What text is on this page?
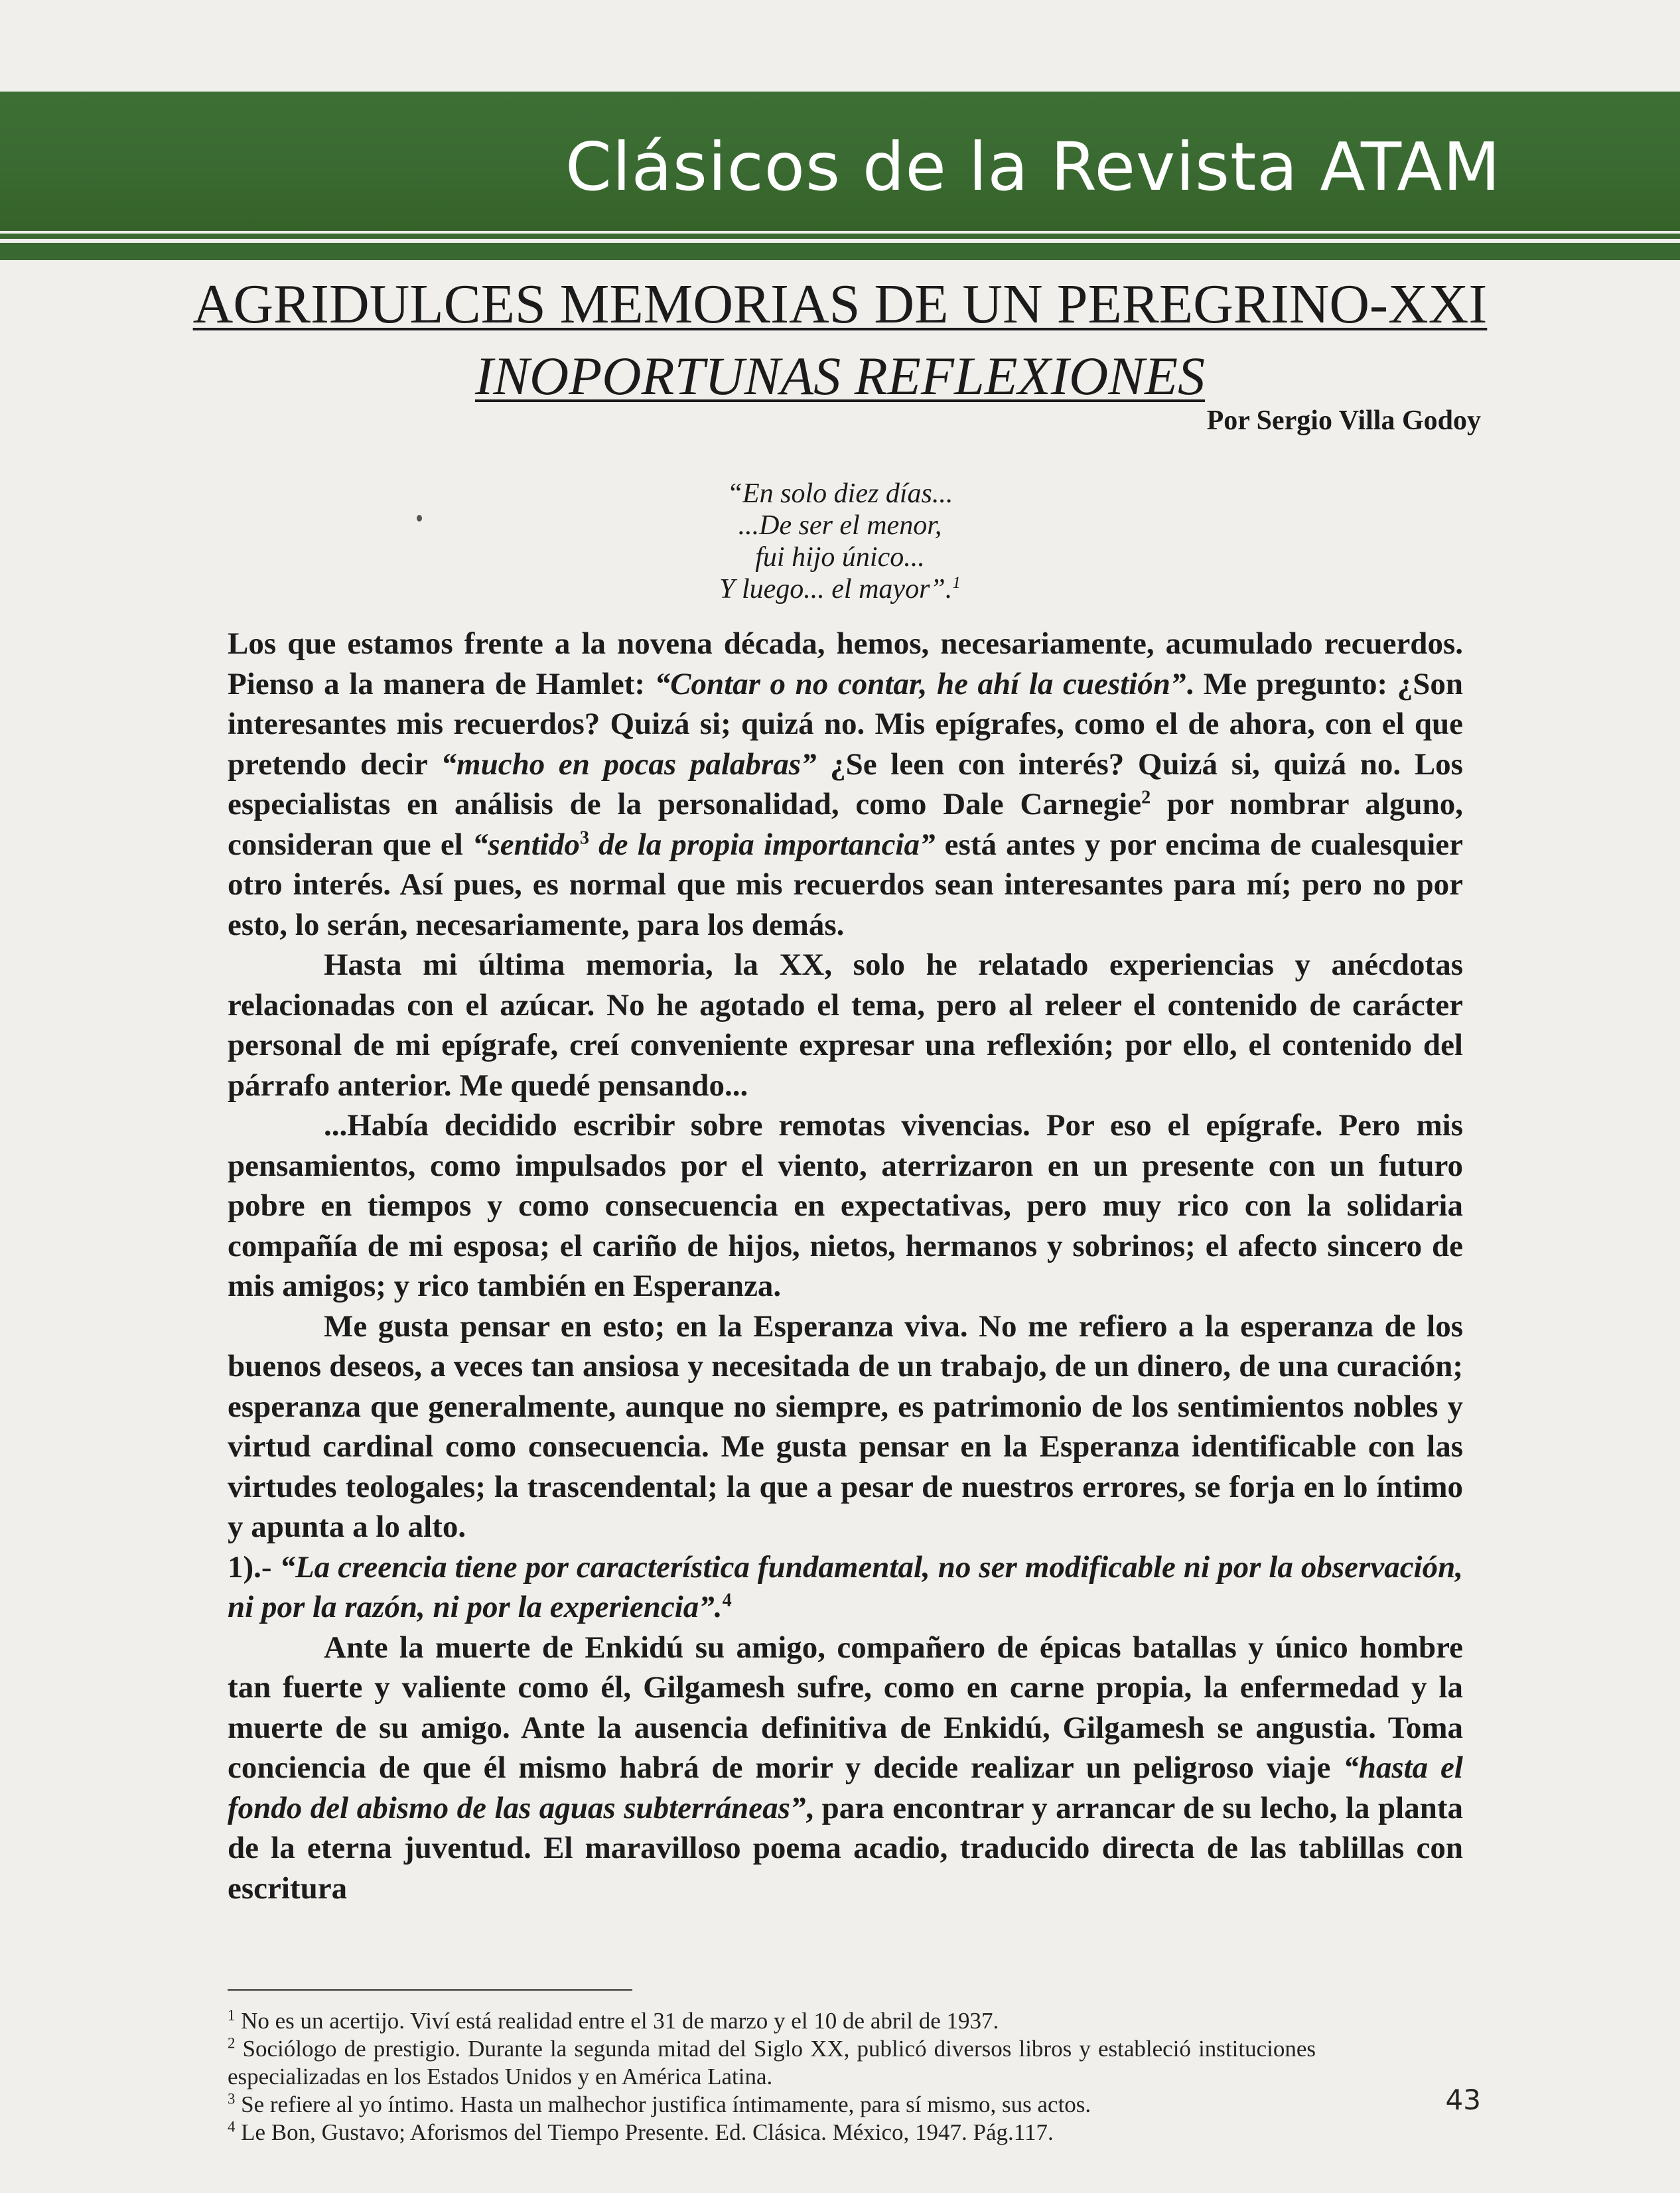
Clásicos de la Revista ATAM
AGRIDULCES MEMORIAS DE UN PEREGRINO-XXI
INOPORTUNAS REFLEXIONES
Por Sergio Villa Godoy
“En solo diez días...
...De ser el menor,
fui hijo único...
Y luego... el mayor”.$^1$

Los que estamos frente a la novena década, hemos, necesariamente, acumulado recuerdos. Pienso a la manera de Hamlet: “Contar o no contar, he ahí la cuestión”. Me pregunto: ¿Son interesantes mis recuerdos? Quizá si; quizá no. Mis epígrafes, como el de ahora, con el que pretendo decir “mucho en pocas palabras” ¿Se leen con interés? Quizá si, quizá no. Los especialistas en análisis de la personalidad, como Dale Carnegie$^2$ por nombrar alguno, consideran que el “sentido$^3$ de la propia importancia” está antes y por encima de cualesquier otro interés. Así pues, es normal que mis recuerdos sean interesantes para mí; pero no por esto, lo serán, necesariamente, para los demás.

Hasta mi última memoria, la XX, solo he relatado experiencias y anécdotas relacionadas con el azúcar. No he agotado el tema, pero al releer el contenido de carácter personal de mi epígrafe, creí conveniente expresar una reflexión; por ello, el contenido del párrafo anterior. Me quedé pensando...

...Había decidido escribir sobre remotas vivencias. Por eso el epígrafe. Pero mis pensamientos, como impulsados por el viento, aterrizaron en un presente con un futuro pobre en tiempos y como consecuencia en expectativas, pero muy rico con la solidaria compañía de mi esposa; el cariño de hijos, nietos, hermanos y sobrinos; el afecto sincero de mis amigos; y rico también en Esperanza.

Me gusta pensar en esto; en la Esperanza viva. No me refiero a la esperanza de los buenos deseos, a veces tan ansiosa y necesitada de un trabajo, de un dinero, de una curación; esperanza que generalmente, aunque no siempre, es patrimonio de los sentimientos nobles y virtud cardinal como consecuencia. Me gusta pensar en la Esperanza identificable con las virtudes teologales; la trascendental; la que a pesar de nuestros errores, se forja en lo íntimo y apunta a lo alto.

1).- “La creencia tiene por característica fundamental, no ser modificable ni por la observación, ni por la razón, ni por la experiencia”.$^4$

Ante la muerte de Enkidú su amigo, compañero de épicas batallas y único hombre tan fuerte y valiente como él, Gilgamesh sufre, como en carne propia, la enfermedad y la muerte de su amigo. Ante la ausencia definitiva de Enkidú, Gilgamesh se angustia. Toma conciencia de que él mismo habrá de morir y decide realizar un peligroso viaje “hasta el fondo del abismo de las aguas subterráneas”, para encontrar y arrancar de su lecho, la planta de la eterna juventud. El maravilloso poema acadio, traducido directa de las tablillas con escritura

$^1$ No es un acertijo. Viví está realidad entre el 31 de marzo y el 10 de abril de 1937.

$^2$ Sociólogo de prestigio. Durante la segunda mitad del Siglo XX, publicó diversos libros y estableció instituciones especializadas en los Estados Unidos y en América Latina.

$^3$ Se refiere al yo íntimo. Hasta un malhechor justifica íntimamente, para sí mismo, sus actos.

$^4$ Le Bon, Gustavo; Aforismos del Tiempo Presente. Ed. Clásica. México, 1947. Pág.117.

43
